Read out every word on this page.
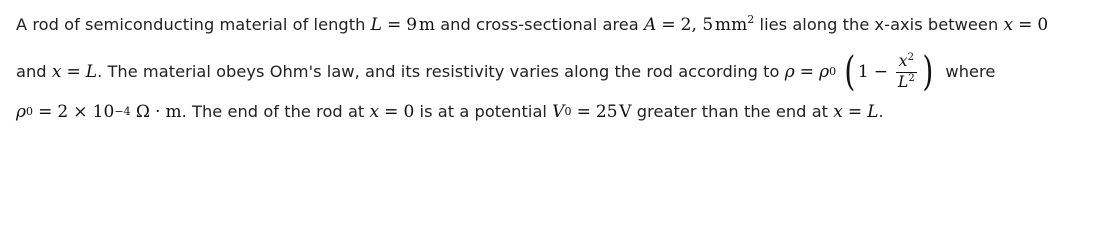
A rod of semiconducting material of length L = 9 m and cross-sectional area A = 2, 5 $mm^2$ lies along the x-axis between x = 0
and
x = L . The material obeys Ohm's law, and its resistivity varies along the rod according to
ρ = ρ 0 ( $1 - \frac{x^2}{L^2}$ ) where
ρ 0 = 2 × 10 −4
Ω · m . The end of the rod at
x = 0
is at a potential
V 0 = 25
  V
greater than the end at
x = L .
